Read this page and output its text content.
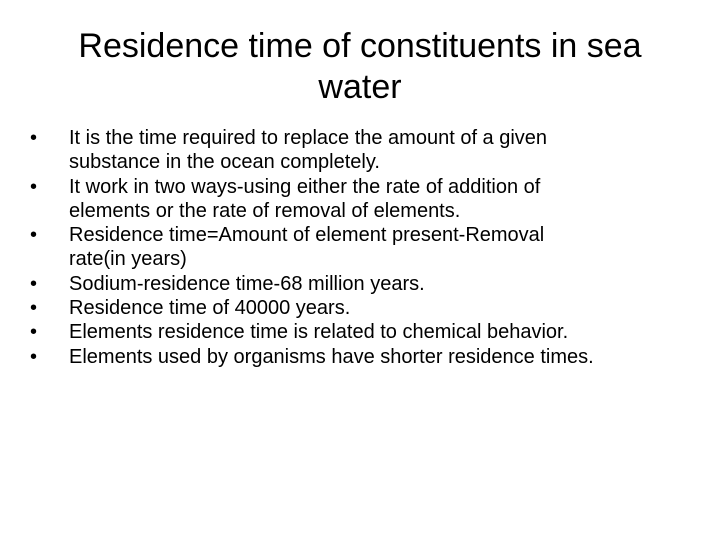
Residence time of constituents in sea
water
•	It is the time required to replace the amount of a given
substance in the ocean completely.
•	It work in two ways-using either the rate of addition of
elements or the rate of removal of elements.
•	Residence time=Amount of element present-Removal
rate(in years)
•	Sodium-residence time-68 million years.
•	Residence time of 40000 years.
•	Elements residence time is related to chemical behavior.
•	Elements used by organisms have shorter residence times.
